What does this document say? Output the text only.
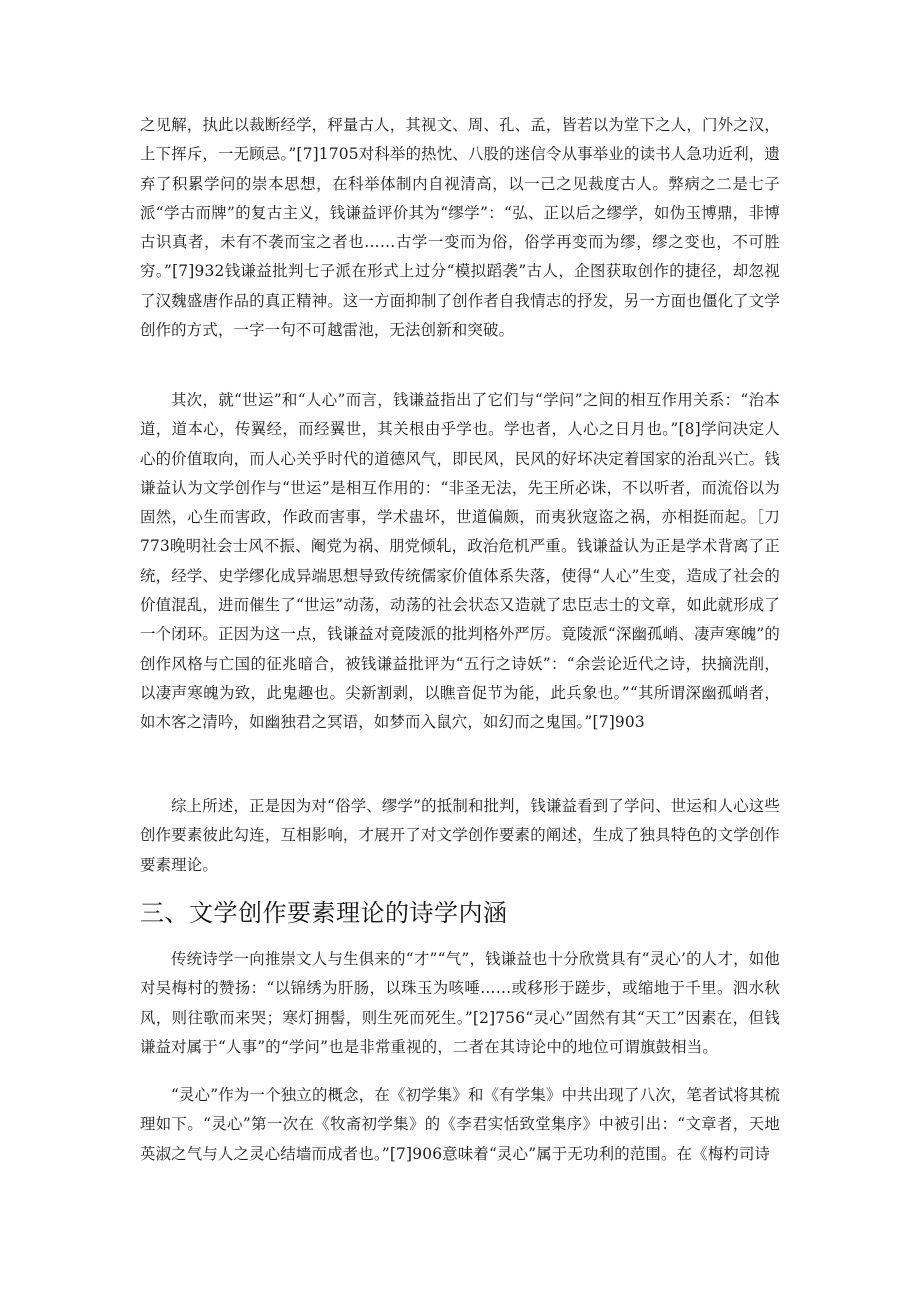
之见解，执此以裁断经学，秤量古人，其视文、周、孔、孟，皆若以为堂下之人，门外之汉，上下挥斥，一无顾忌。”[7]1705对科举的热忱、八股的迷信令从事举业的读书人急功近利，遗弃了积累学问的崇本思想，在科举体制内自视清高，以一己之见裁度古人。弊病之二是七子派“学古而牌”的复古主义，钱谦益评价其为“缪学”：“弘、正以后之缪学，如伪玉博鼎，非博古识真者，未有不袭而宝之者也……古学一变而为俗，俗学再变而为缪，缪之变也，不可胜穷。”[7]932钱谦益批判七子派在形式上过分“模拟蹈袭”古人，企图获取创作的捷径，却忽视了汉魏盛唐作品的真正精神。这一方面抑制了创作者自我情志的抒发，另一方面也僵化了文学创作的方式，一字一句不可越雷池，无法创新和突破。

其次，就“世运”和“人心”而言，钱谦益指出了它们与“学问”之间的相互作用关系：“治本道，道本心，传翼经，而经翼世，其关根由乎学也。学也者，人心之日月也。”[8]学问决定人心的价值取向，而人心关乎时代的道德风气，即民风，民风的好坏决定着国家的治乱兴亡。钱谦益认为文学创作与“世运”是相互作用的：“非圣无法，先王所必诛，不以听者，而流俗以为固然，心生而害政，作政而害事，学术蛊坏，世道偏颇，而夷狄寇盗之祸，亦相挺而起。［刀773晚明社会士风不振、阉党为祸、朋党倾轧，政治危机严重。钱谦益认为正是学术背离了正统，经学、史学缪化成异端思想导致传统儒家价值体系失落，使得“人心”生变，造成了社会的价值混乱，进而催生了“世运”动荡，动荡的社会状态又造就了忠臣志士的文章，如此就形成了一个闭环。正因为这一点，钱谦益对竟陵派的批判格外严厉。竟陵派“深幽孤峭、凄声寒魄”的创作风格与亡国的征兆暗合，被钱谦益批评为“五行之诗妖”：“余尝论近代之诗，抉摘洗削，以凄声寒魄为致，此鬼趣也。尖新割剥，以瞧音促节为能，此兵象也。”“其所谓深幽孤峭者，如木客之清吟，如幽独君之冥语，如梦而入鼠穴，如幻而之鬼国。”[7]903

综上所述，正是因为对“俗学、缪学”的抵制和批判，钱谦益看到了学问、世运和人心这些创作要素彼此勾连，互相影响，才展开了对文学创作要素的阐述，生成了独具特色的文学创作要素理论。

三、文学创作要素理论的诗学内涵

传统诗学一向推崇文人与生俱来的“才”“气”，钱谦益也十分欣赏具有“灵心’的人才，如他对吴梅村的赞扬：“以锦绣为肝肠，以珠玉为咳唾……或移形于蹉步，或缩地于千里。泗水秋风，则往歌而来哭；寒灯拥髻，则生死而死生。”[2]756“灵心”固然有其“天工”因素在，但钱谦益对属于“人事”的“学问”也是非常重视的，二者在其诗论中的地位可谓旗鼓相当。

“灵心”作为一个独立的概念，在《初学集》和《有学集》中共出现了八次，笔者试将其梳理如下。“灵心”第一次在《牧斋初学集》的《李君实恬致堂集序》中被引出：“文章者，天地英淑之气与人之灵心结墙而成者也。”[7]906意味着“灵心”属于无功利的范围。在《梅杓司诗
